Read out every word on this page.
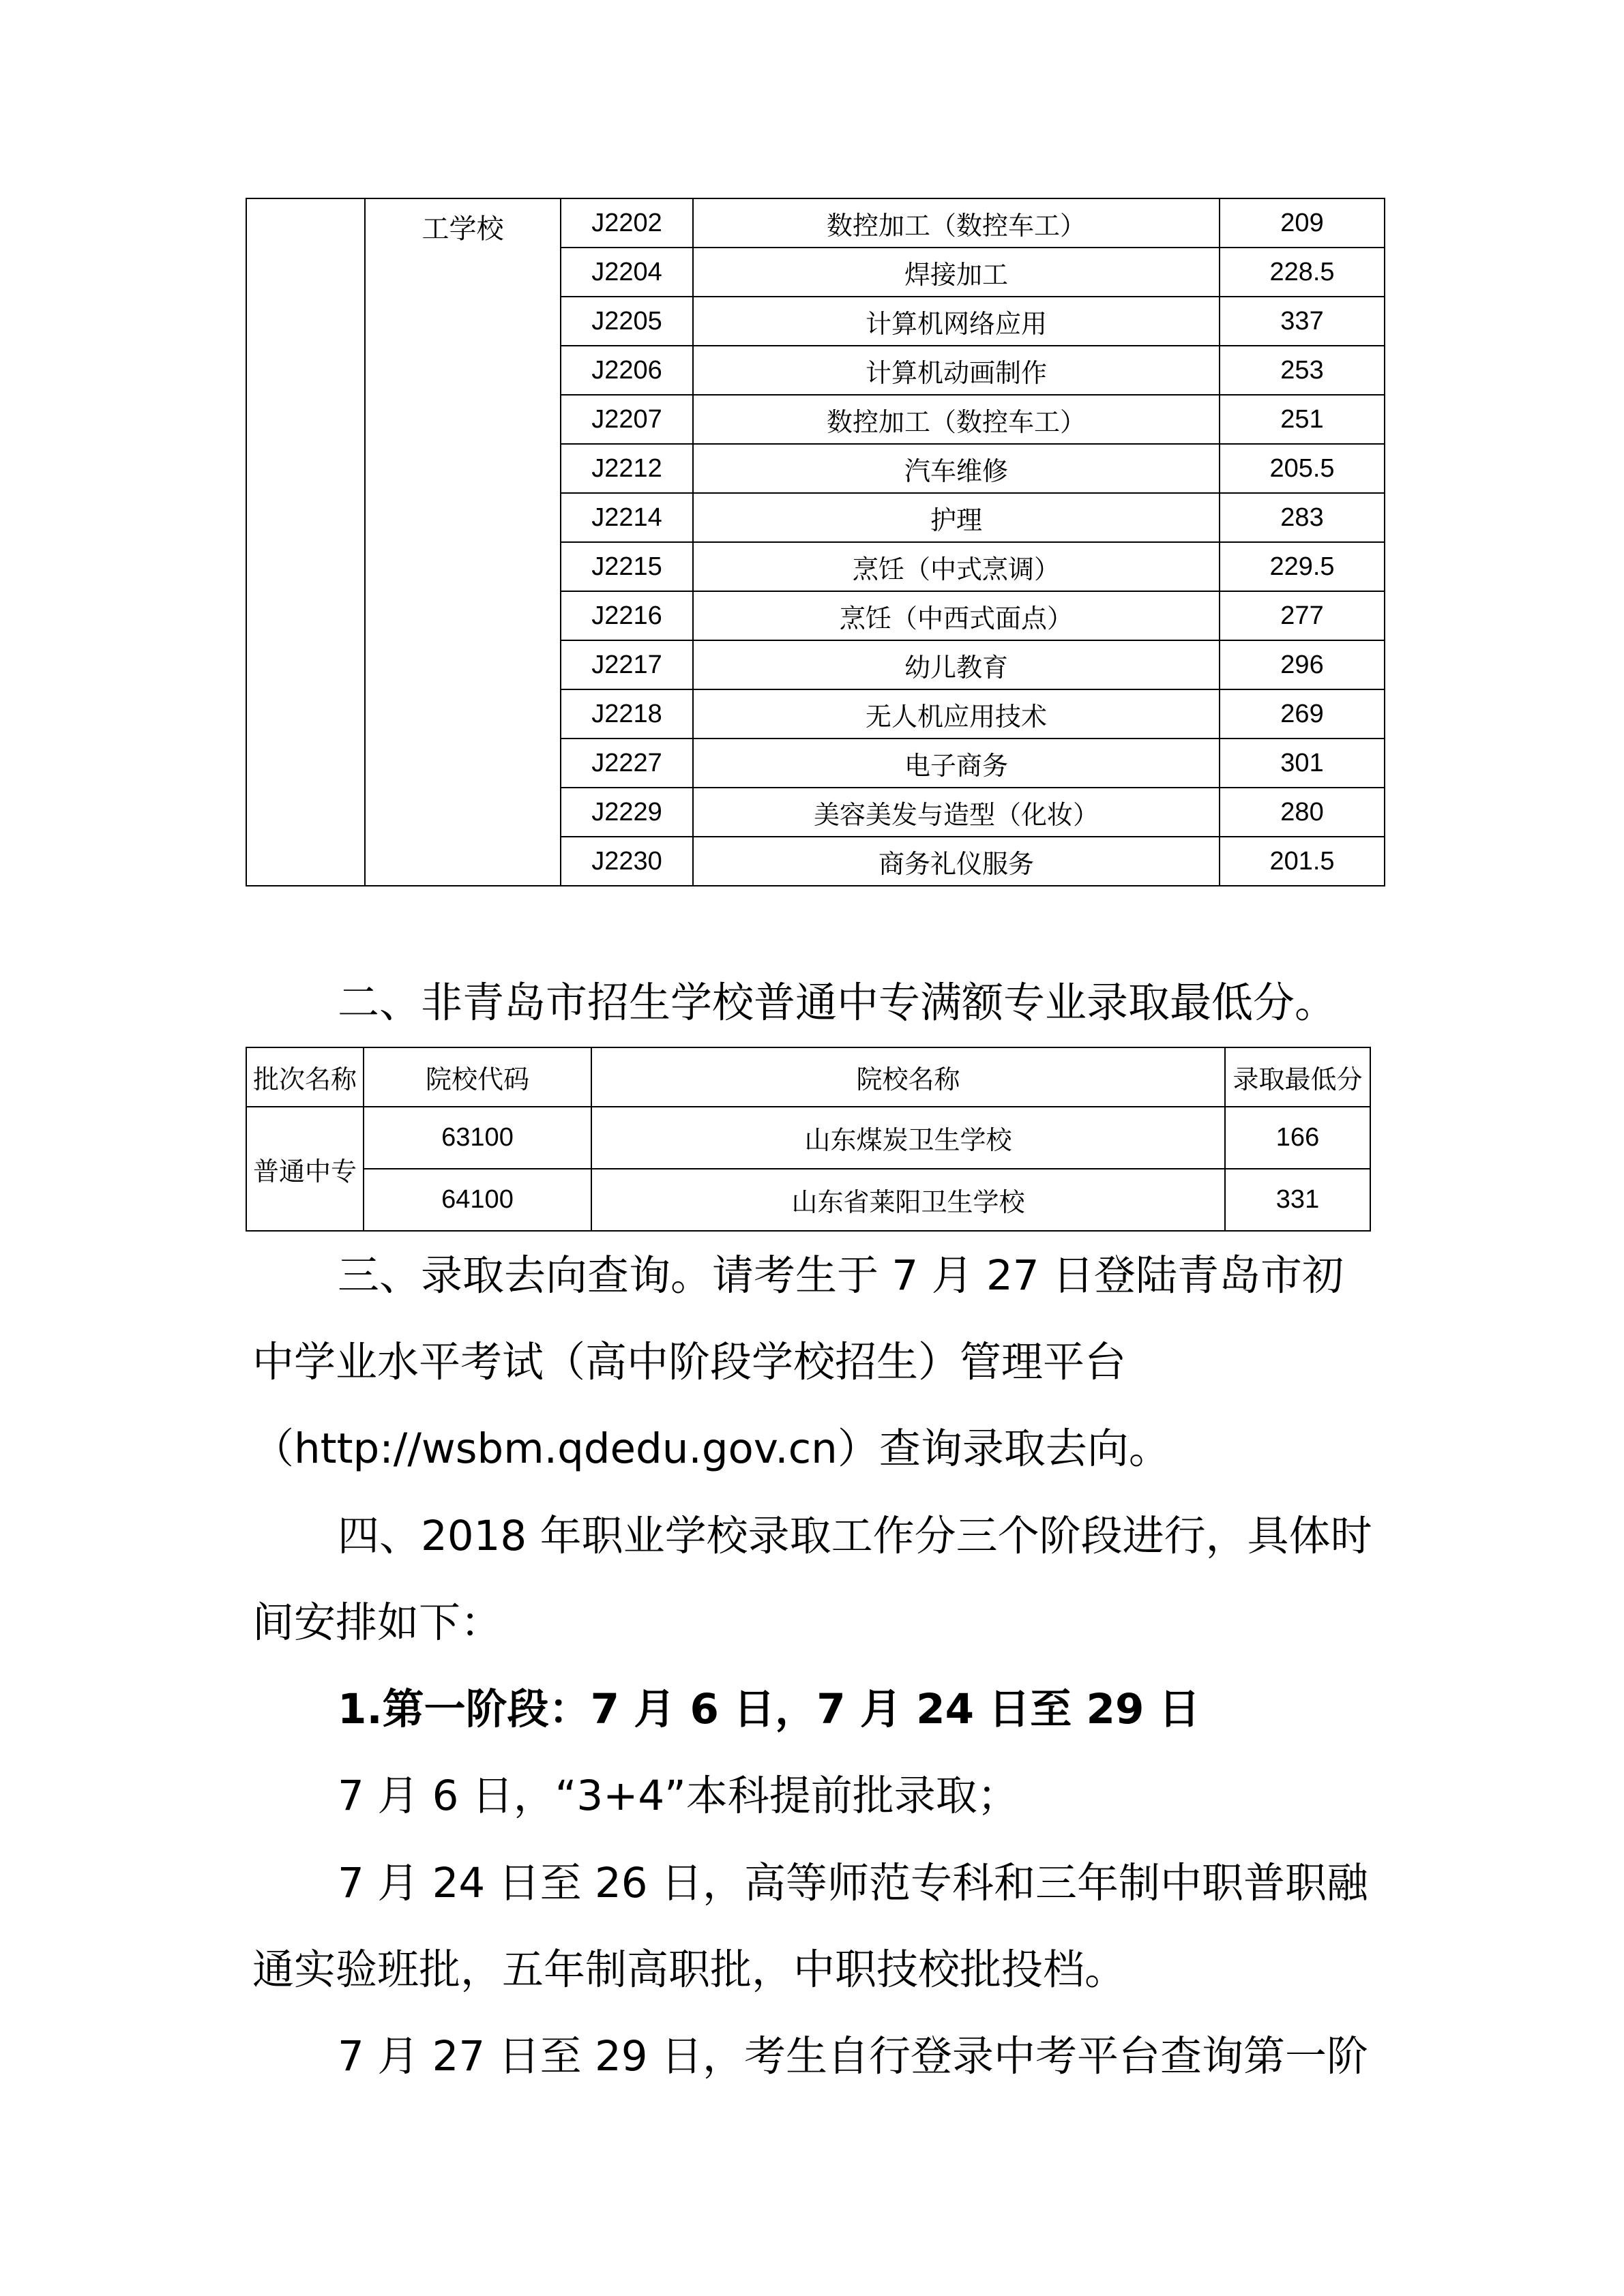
	工学校	J2202	数控加工（数控车工）	209
		J2204	焊接加工	228.5
		J2205	计算机网络应用	337
		J2206	计算机动画制作	253
		J2207	数控加工（数控车工）	251
		J2212	汽车维修	205.5
		J2214	护理	283
		J2215	烹饪（中式烹调）	229.5
		J2216	烹饪（中西式面点）	277
		J2217	幼儿教育	296
		J2218	无人机应用技术	269
		J2227	电子商务	301
		J2229	美容美发与造型（化妆）	280
		J2230	商务礼仪服务	201.5
二、非青岛市招生学校普通中专满额专业录取最低分。
批次名称	院校代码	院校名称	录取最低分
普通中专	63100	山东煤炭卫生学校	166
	64100	山东省莱阳卫生学校	331
三、录取去向查询。请考生于 7 月 27 日登陆青岛市初
中学业水平考试（高中阶段学校招生）管理平台
（http://wsbm.qdedu.gov.cn）查询录取去向。
四、2018 年职业学校录取工作分三个阶段进行，具体时
间安排如下：
1.第一阶段：7 月 6 日，7 月 24 日至 29 日
7 月 6 日，“3+4”本科提前批录取；
7 月 24 日至 26 日，高等师范专科和三年制中职普职融
通实验班批，五年制高职批，中职技校批投档。
7 月 27 日至 29 日，考生自行登录中考平台查询第一阶
